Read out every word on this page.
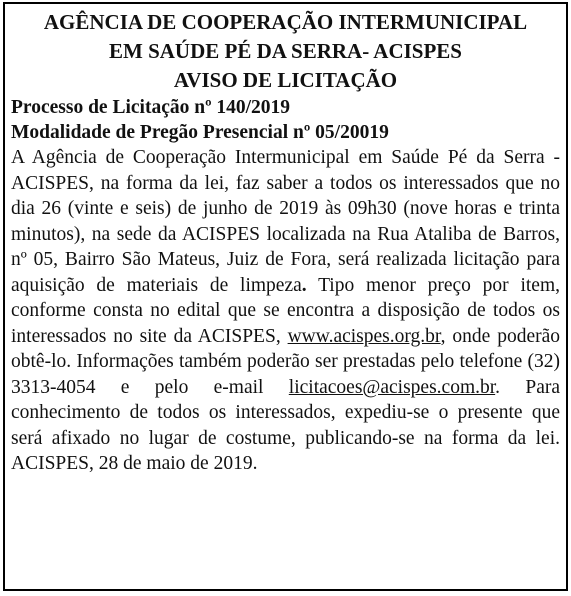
AGÊNCIA DE COOPERAÇÃO INTERMUNICIPAL

EM SAÚDE PÉ DA SERRA- ACISPES

AVISO DE LICITAÇÃO

Processo de Licitação nº 140/2019

Modalidade de Pregão Presencial nº 05/20019

A Agência de Cooperação Intermunicipal em Saúde Pé da Serra - ACISPES, na forma da lei, faz saber a todos os interessados que no dia 26 (vinte e seis) de junho de 2019 às 09h30 (nove horas e trinta minutos), na sede da ACISPES localizada na Rua Ataliba de Barros, nº 05, Bairro São Mateus, Juiz de Fora, será realizada licitação para aquisição de materiais de limpeza. Tipo menor preço por item, conforme consta no edital que se encontra a disposição de todos os interessados no site da ACISPES, www.acispes.org.br, onde poderão obtê-lo. Informações também poderão ser prestadas pelo telefone (32) 3313-4054 e pelo e-mail licitacoes@acispes.com.br. Para conhecimento de todos os interessados, expediu-se o presente que será afixado no lugar de costume, publicando-se na forma da lei. ACISPES, 28 de maio de 2019.
